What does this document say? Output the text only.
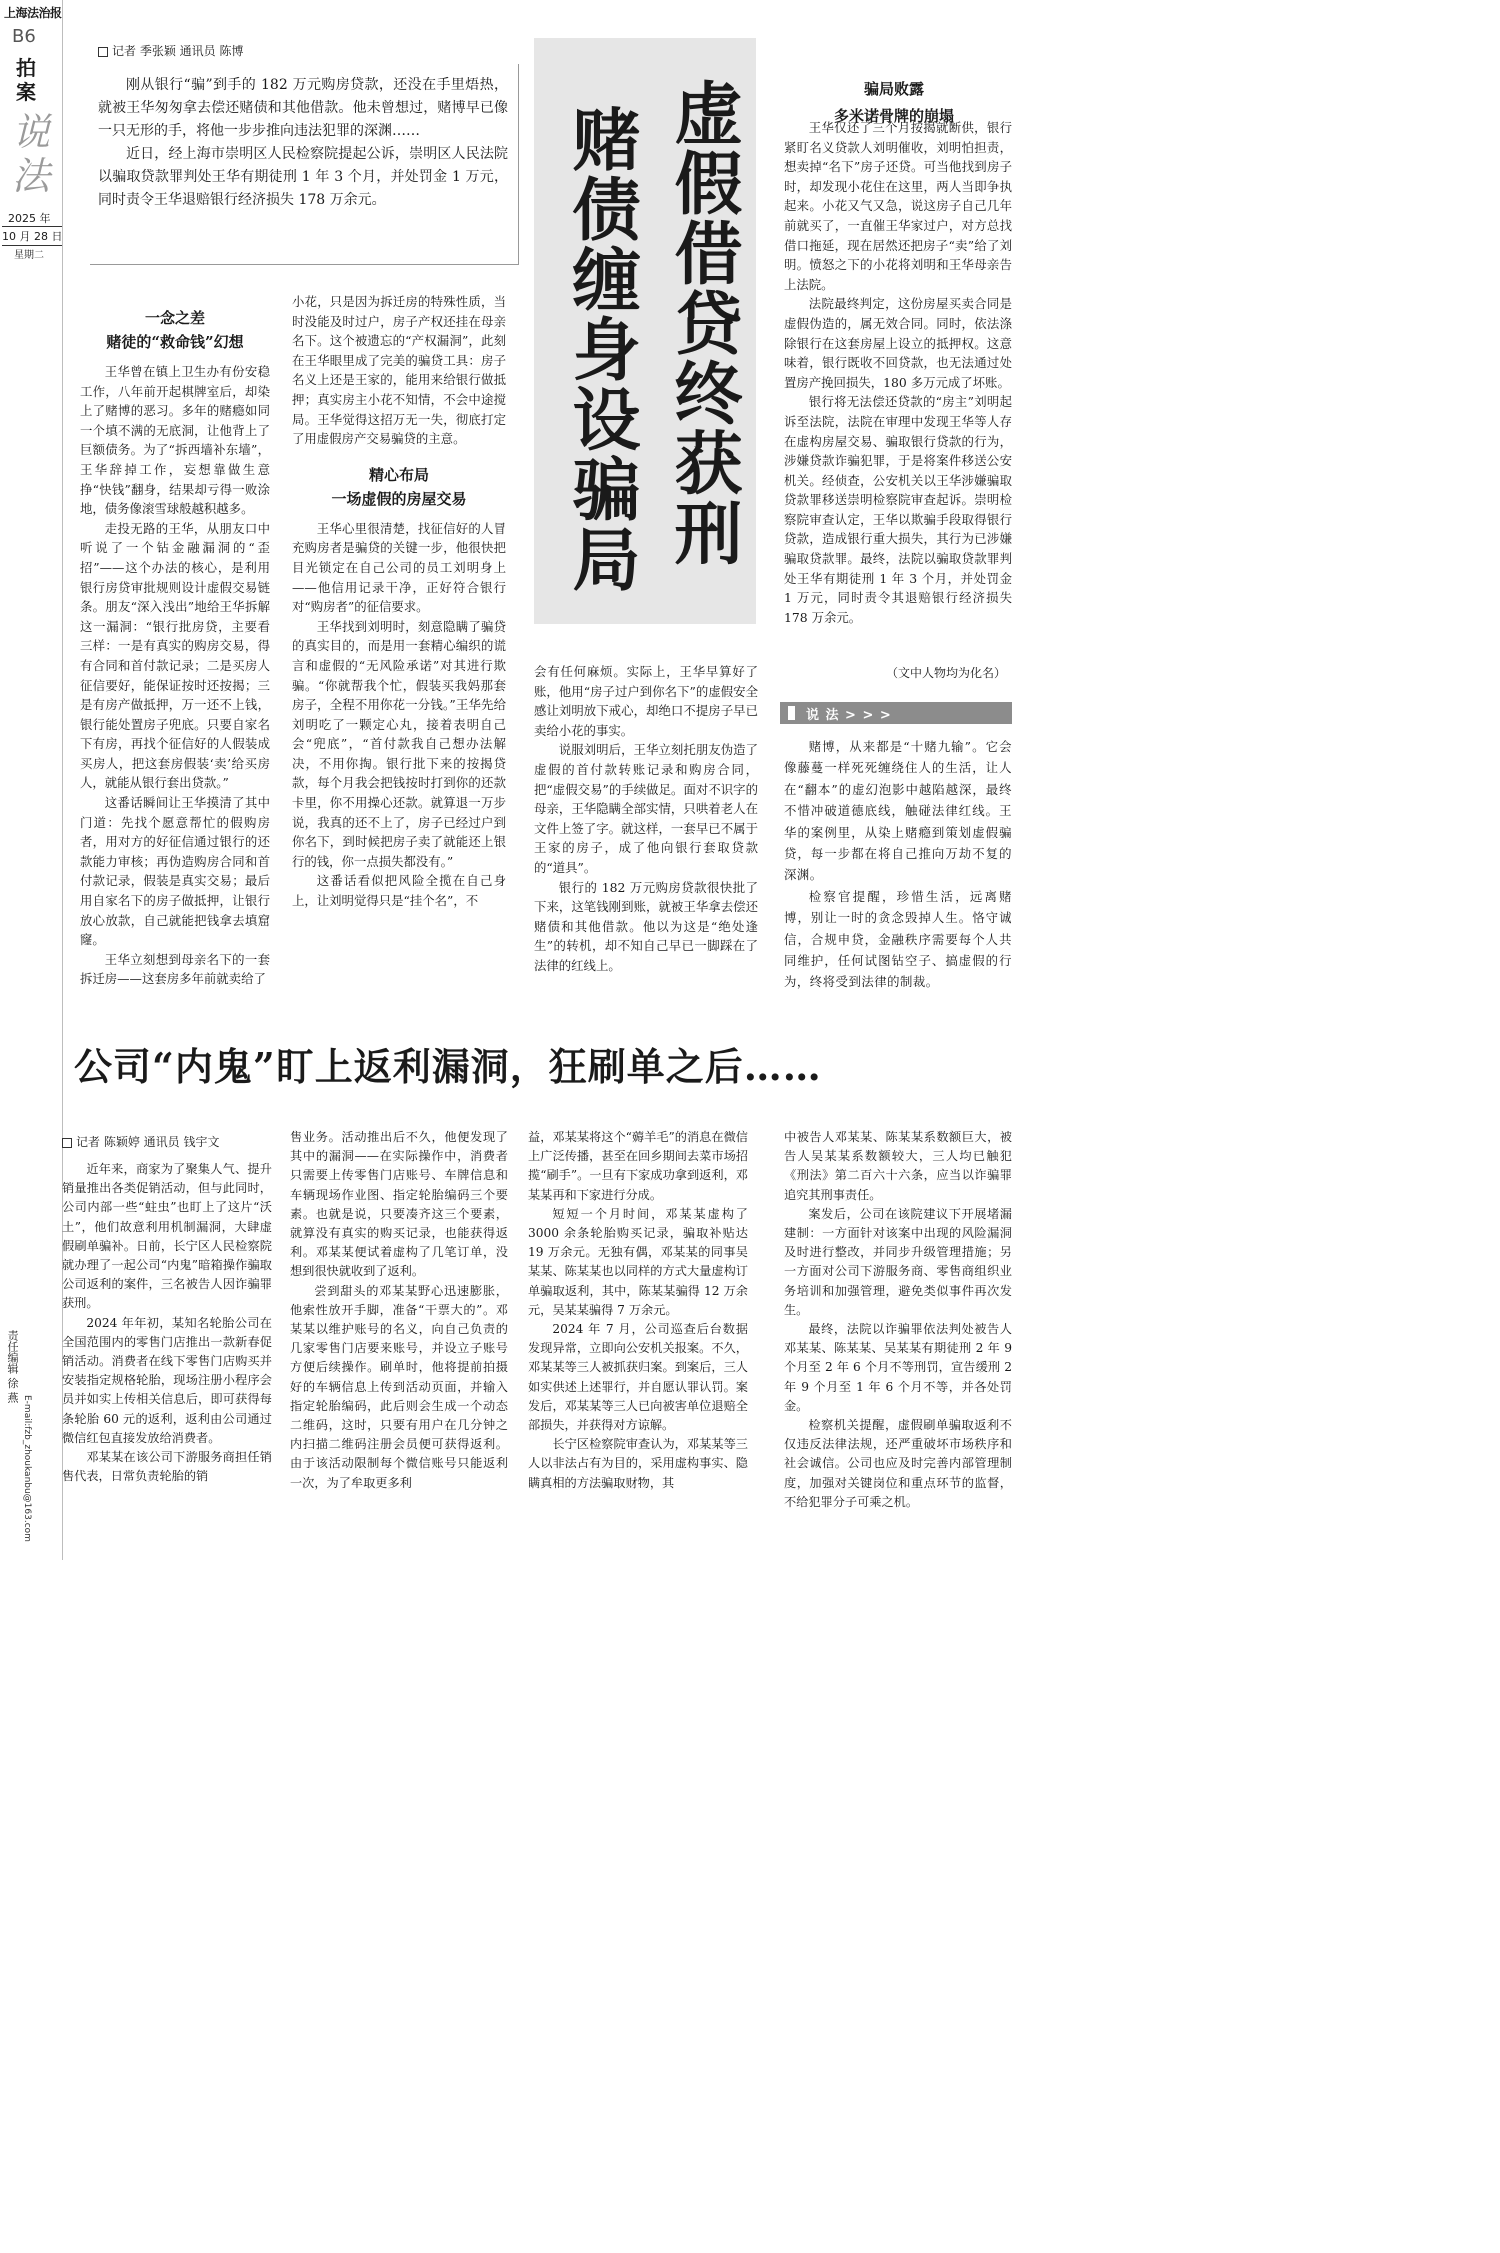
上海法治报
B6
拍案
说法
2025 年
10 月 28 日
星期二
责任编辑 徐 燕
E-mail:fzb_zhoukanbu@163.com
记者 季张颖 通讯员 陈博

刚从银行“骗”到手的 182 万元购房贷款，还没在手里焐热，就被王华匆匆拿去偿还赌债和其他借款。他未曾想过，赌博早已像一只无形的手，将他一步步推向违法犯罪的深渊……

近日，经上海市崇明区人民检察院提起公诉，崇明区人民法院以骗取贷款罪判处王华有期徒刑 1 年 3 个月，并处罚金 1 万元，同时责令王华退赔银行经济损失 178 万余元。	虚假借贷终获刑
赌债缠身设骗局
一念之差
赌徒的“救命钱”幻想

王华曾在镇上卫生办有份安稳工作，八年前开起棋牌室后，却染上了赌博的恶习。多年的赌瘾如同一个填不满的无底洞，让他背上了巨额债务。为了“拆西墙补东墙”，王华辞掉工作，妄想靠做生意挣“快钱”翻身，结果却亏得一败涂地，债务像滚雪球般越积越多。

走投无路的王华，从朋友口中听说了一个钻金融漏洞的“歪招”——这个办法的核心，是利用银行房贷审批规则设计虚假交易链条。朋友“深入浅出”地给王华拆解这一漏洞：“银行批房贷，主要看三样：一是有真实的购房交易，得有合同和首付款记录；二是买房人征信要好，能保证按时还按揭；三是有房产做抵押，万一还不上钱，银行能处置房子兜底。只要自家名下有房，再找个征信好的人假装成买房人，把这套房假装‘卖’给买房人，就能从银行套出贷款。”

这番话瞬间让王华摸清了其中门道：先找个愿意帮忙的假购房者，用对方的好征信通过银行的还款能力审核；再伪造购房合同和首付款记录，假装是真实交易；最后用自家名下的房子做抵押，让银行放心放款，自己就能把钱拿去填窟窿。

王华立刻想到母亲名下的一套拆迁房——这套房多年前就卖给了

小花，只是因为拆迁房的特殊性质，当时没能及时过户，房子产权还挂在母亲名下。这个被遗忘的“产权漏洞”，此刻在王华眼里成了完美的骗贷工具：房子名义上还是王家的，能用来给银行做抵押；真实房主小花不知情，不会中途搅局。王华觉得这招万无一失，彻底打定了用虚假房产交易骗贷的主意。

精心布局
一场虚假的房屋交易

王华心里很清楚，找征信好的人冒充购房者是骗贷的关键一步，他很快把目光锁定在自己公司的员工刘明身上——他信用记录干净，正好符合银行对“购房者”的征信要求。

王华找到刘明时，刻意隐瞒了骗贷的真实目的，而是用一套精心编织的谎言和虚假的“无风险承诺”对其进行欺骗。“你就帮我个忙，假装买我妈那套房子，全程不用你花一分钱。”王华先给刘明吃了一颗定心丸，接着表明自己会“兜底”，“首付款我自己想办法解决，不用你掏。银行批下来的按揭贷款，每个月我会把钱按时打到你的还款卡里，你不用操心还款。就算退一万步说，我真的还不上了，房子已经过户到你名下，到时候把房子卖了就能还上银行的钱，你一点损失都没有。”

这番话看似把风险全揽在自己身上，让刘明觉得只是“挂个名”，不

会有任何麻烦。实际上，王华早算好了账，他用“房子过户到你名下”的虚假安全感让刘明放下戒心，却绝口不提房子早已卖给小花的事实。

说服刘明后，王华立刻托朋友伪造了虚假的首付款转账记录和购房合同，把“虚假交易”的手续做足。面对不识字的母亲，王华隐瞒全部实情，只哄着老人在文件上签了字。就这样，一套早已不属于王家的房子，成了他向银行套取贷款的“道具”。

银行的 182 万元购房贷款很快批了下来，这笔钱刚到账，就被王华拿去偿还赌债和其他借款。他以为这是“绝处逢生”的转机，却不知自己早已一脚踩在了法律的红线上。

骗局败露
多米诺骨牌的崩塌

王华仅还了三个月按揭就断供，银行紧盯名义贷款人刘明催收，刘明怕担责，想卖掉“名下”房子还贷。可当他找到房子时，却发现小花住在这里，两人当即争执起来。小花又气又急，说这房子自己几年前就买了，一直催王华家过户，对方总找借口拖延，现在居然还把房子“卖”给了刘明。愤怒之下的小花将刘明和王华母亲告上法院。

法院最终判定，这份房屋买卖合同是虚假伪造的，属无效合同。同时，依法涤除银行在这套房屋上设立的抵押权。这意味着，银行既收不回贷款，也无法通过处置房产挽回损失，180 多万元成了坏账。

银行将无法偿还贷款的“房主”刘明起诉至法院，法院在审理中发现王华等人存在虚构房屋交易、骗取银行贷款的行为，涉嫌贷款诈骗犯罪，于是将案件移送公安机关。经侦查，公安机关以王华涉嫌骗取贷款罪移送崇明检察院审查起诉。崇明检察院审查认定，王华以欺骗手段取得银行贷款，造成银行重大损失，其行为已涉嫌骗取贷款罪。最终，法院以骗取贷款罪判处王华有期徒刑 1 年 3 个月，并处罚金 1 万元，同时责令其退赔银行经济损失 178 万余元。

（文中人物均为化名）
说 法 > > >

赌博，从来都是“十赌九输”。它会像藤蔓一样死死缠绕住人的生活，让人在“翻本”的虚幻泡影中越陷越深，最终不惜冲破道德底线，触碰法律红线。王华的案例里，从染上赌瘾到策划虚假骗贷，每一步都在将自己推向万劫不复的深渊。

检察官提醒，珍惜生活，远离赌博，别让一时的贪念毁掉人生。恪守诚信，合规申贷，金融秩序需要每个人共同维护，任何试图钻空子、搞虚假的行为，终将受到法律的制裁。

公司“内鬼”盯上返利漏洞，狂刷单之后……
记者 陈颖婷 通讯员 钱宇文

近年来，商家为了聚集人气、提升销量推出各类促销活动，但与此同时，公司内部一些“蛀虫”也盯上了这片“沃土”，他们故意利用机制漏洞，大肆虚假刷单骗补。日前，长宁区人民检察院就办理了一起公司“内鬼”暗箱操作骗取公司返利的案件，三名被告人因诈骗罪获刑。

2024 年年初，某知名轮胎公司在全国范围内的零售门店推出一款新春促销活动。消费者在线下零售门店购买并安装指定规格轮胎，现场注册小程序会员并如实上传相关信息后，即可获得每条轮胎 60 元的返利，返利由公司通过微信红包直接发放给消费者。

邓某某在该公司下游服务商担任销售代表，日常负责轮胎的销

售业务。活动推出后不久，他便发现了其中的漏洞——在实际操作中，消费者只需要上传零售门店账号、车牌信息和车辆现场作业图、指定轮胎编码三个要素。也就是说，只要凑齐这三个要素，就算没有真实的购买记录，也能获得返利。邓某某便试着虚构了几笔订单，没想到很快就收到了返利。

尝到甜头的邓某某野心迅速膨胀，他索性放开手脚，准备“干票大的”。邓某某以维护账号的名义，向自己负责的几家零售门店要来账号，并设立子账号方便后续操作。刷单时，他将提前拍摄好的车辆信息上传到活动页面，并输入指定轮胎编码，此后则会生成一个动态二维码，这时，只要有用户在几分钟之内扫描二维码注册会员便可获得返利。由于该活动限制每个微信账号只能返利一次，为了牟取更多利

益，邓某某将这个“薅羊毛”的消息在微信上广泛传播，甚至在回乡期间去菜市场招揽“刷手”。一旦有下家成功拿到返利，邓某某再和下家进行分成。

短短一个月时间，邓某某虚构了 3000 余条轮胎购买记录，骗取补贴达 19 万余元。无独有偶，邓某某的同事吴某某、陈某某也以同样的方式大量虚构订单骗取返利，其中，陈某某骗得 12 万余元，吴某某骗得 7 万余元。

2024 年 7 月，公司巡查后台数据发现异常，立即向公安机关报案。不久，邓某某等三人被抓获归案。到案后，三人如实供述上述罪行，并自愿认罪认罚。案发后，邓某某等三人已向被害单位退赔全部损失，并获得对方谅解。

长宁区检察院审查认为，邓某某等三人以非法占有为目的，采用虚构事实、隐瞒真相的方法骗取财物，其

中被告人邓某某、陈某某系数额巨大，被告人吴某某系数额较大，三人均已触犯《刑法》第二百六十六条，应当以诈骗罪追究其刑事责任。

案发后，公司在该院建议下开展堵漏建制：一方面针对该案中出现的风险漏洞及时进行整改，并同步升级管理措施；另一方面对公司下游服务商、零售商组织业务培训和加强管理，避免类似事件再次发生。

最终，法院以诈骗罪依法判处被告人邓某某、陈某某、吴某某有期徒刑 2 年 9 个月至 2 年 6 个月不等刑罚，宣告缓刑 2 年 9 个月至 1 年 6 个月不等，并各处罚金。

检察机关提醒，虚假刷单骗取返利不仅违反法律法规，还严重破坏市场秩序和社会诚信。公司也应及时完善内部管理制度，加强对关键岗位和重点环节的监督，不给犯罪分子可乘之机。
